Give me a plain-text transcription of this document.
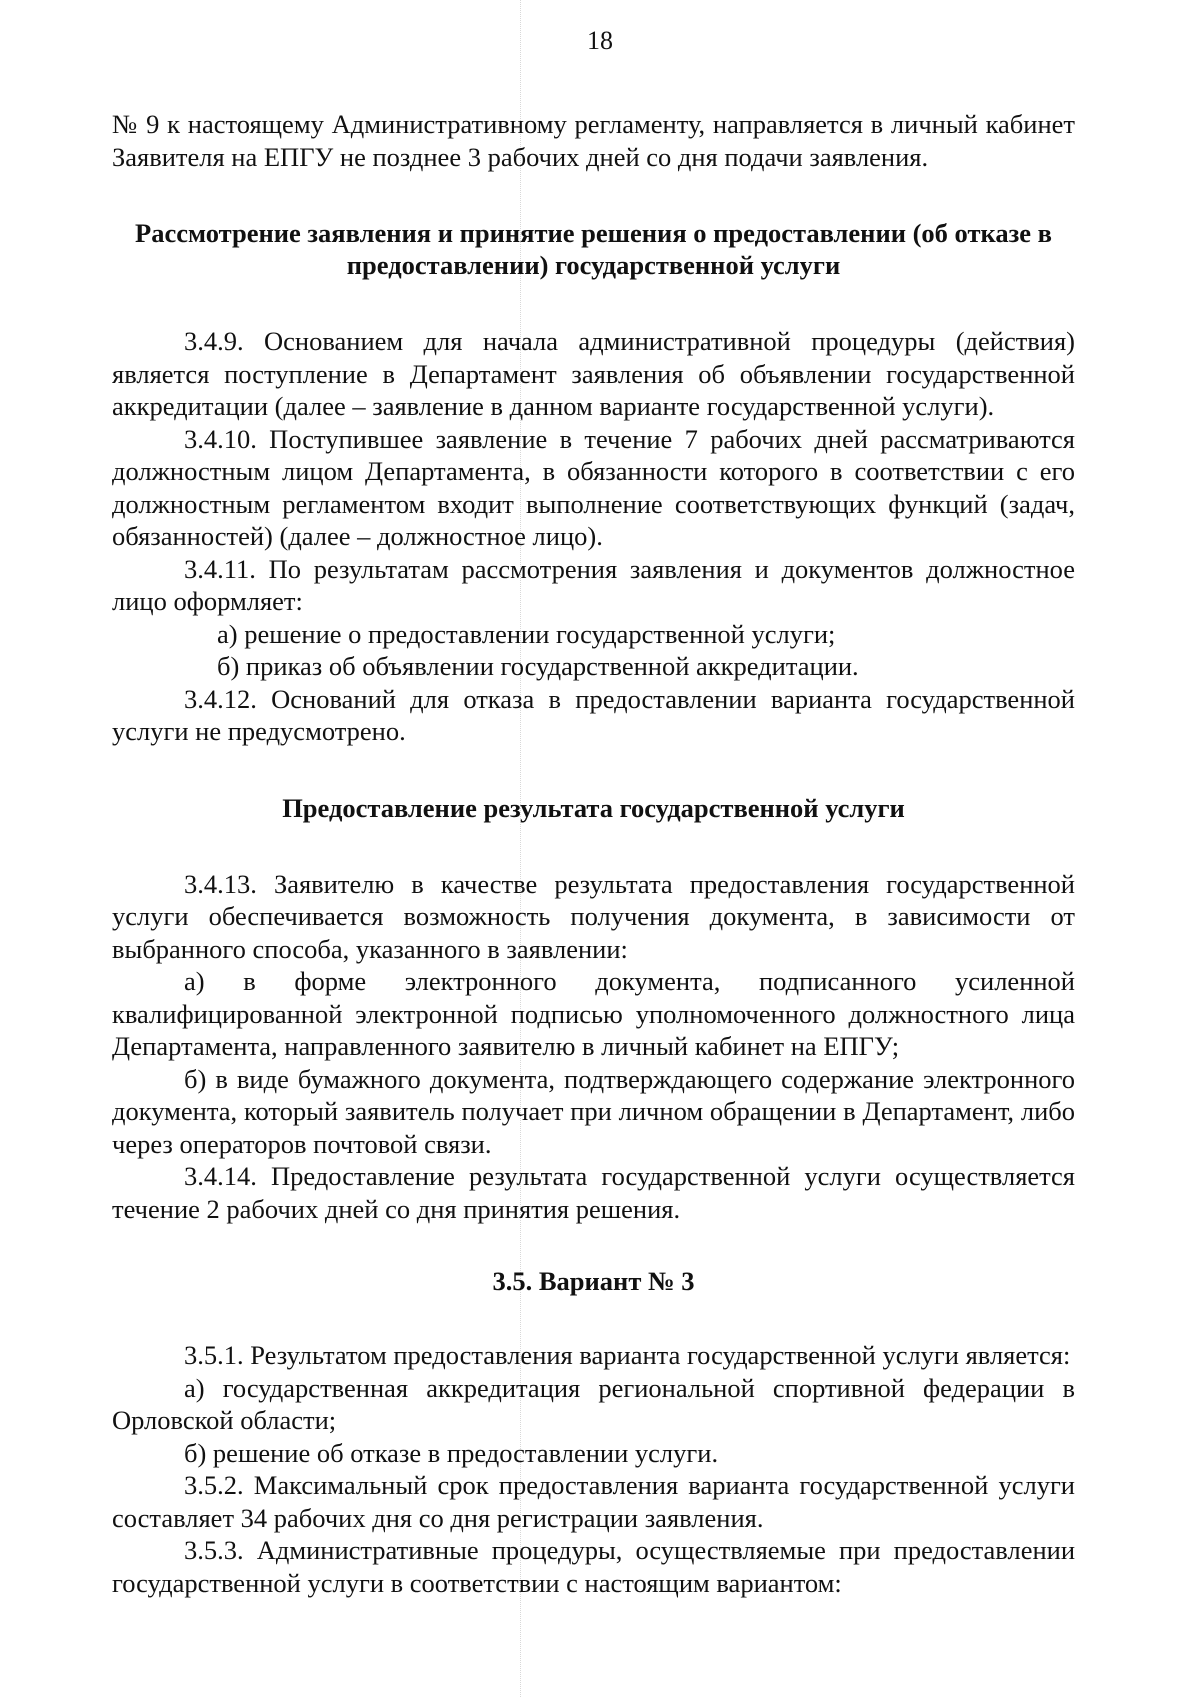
18

№ 9 к настоящему Административному регламенту, направляется в личный кабинет Заявителя на ЕПГУ не позднее 3 рабочих дней со дня подачи заявления.

Рассмотрение заявления и принятие решения о предоставлении (об отказе в предоставлении) государственной услуги

3.4.9. Основанием для начала административной процедуры (действия) является поступление в Департамент заявления об объявлении государственной аккредитации (далее – заявление в данном варианте государственной услуги).

3.4.10. Поступившее заявление в течение 7 рабочих дней рассматриваются должностным лицом Департамента, в обязанности которого в соответствии с его должностным регламентом входит выполнение соответствующих функций (задач, обязанностей) (далее – должностное лицо).

3.4.11. По результатам рассмотрения заявления и документов должностное лицо оформляет:

а) решение о предоставлении государственной услуги;

б) приказ об объявлении государственной аккредитации.

3.4.12. Оснований для отказа в предоставлении варианта государственной услуги не предусмотрено.

Предоставление результата государственной услуги

3.4.13. Заявителю в качестве результата предоставления государственной услуги обеспечивается возможность получения документа, в зависимости от выбранного способа, указанного в заявлении:

а) в форме электронного документа, подписанного усиленной квалифицированной электронной подписью уполномоченного должностного лица Департамента, направленного заявителю в личный кабинет на ЕПГУ;

б) в виде бумажного документа, подтверждающего содержание электронного документа, который заявитель получает при личном обращении в Департамент, либо через операторов почтовой связи.

3.4.14. Предоставление результата государственной услуги осуществляется течение 2 рабочих дней со дня принятия решения.

3.5. Вариант № 3

3.5.1. Результатом предоставления варианта государственной услуги является:

а) государственная аккредитация региональной спортивной федерации в Орловской области;

б) решение об отказе в предоставлении услуги.

3.5.2. Максимальный срок предоставления варианта государственной услуги составляет 34 рабочих дня со дня регистрации заявления.

3.5.3. Административные процедуры, осуществляемые при предоставлении государственной услуги в соответствии с настоящим вариантом:
